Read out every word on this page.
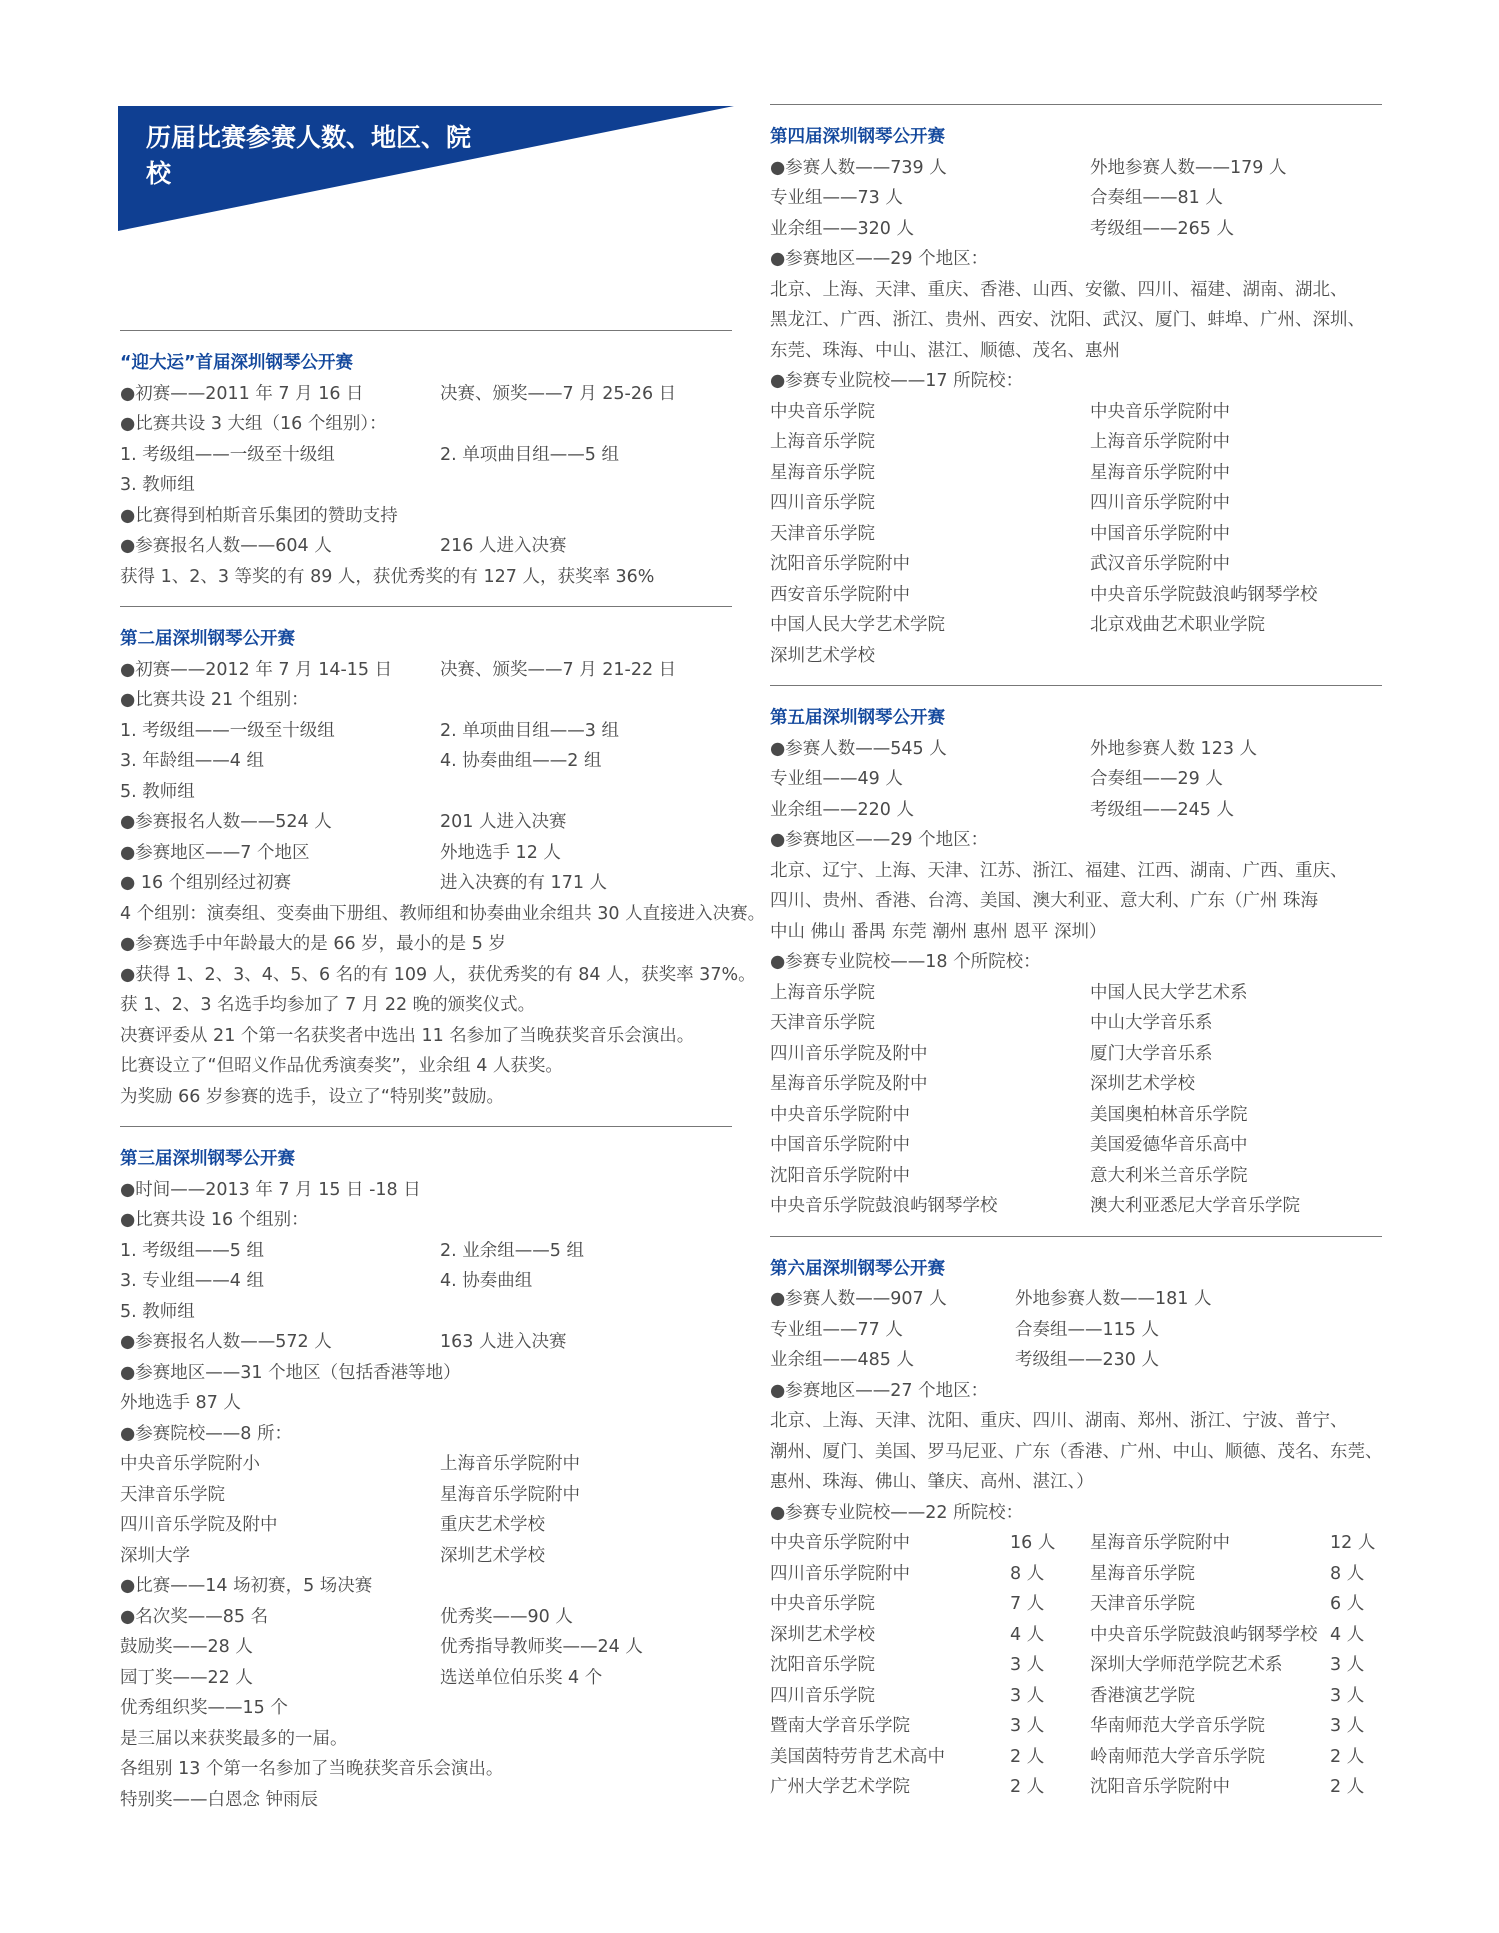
历届比赛参赛人数、地区、院校
“迎大运”首届深圳钢琴公开赛
●初赛——2011 年 7 月 16 日	决赛、颁奖——7 月 25-26 日
●比赛共设 3 大组（16 个组别）：
1. 考级组——一级至十级组	2. 单项曲目组——5 组
3. 教师组
●比赛得到柏斯音乐集团的赞助支持
●参赛报名人数——604 人	216 人进入决赛
获得 1、2、3 等奖的有 89 人，获优秀奖的有 127 人，获奖率 36%
第二届深圳钢琴公开赛
●初赛——2012 年 7 月 14-15 日	决赛、颁奖——7 月 21-22 日
●比赛共设 21 个组别：
1. 考级组——一级至十级组	2. 单项曲目组——3 组
3. 年龄组——4 组	4. 协奏曲组——2 组
5. 教师组
●参赛报名人数——524 人	201 人进入决赛
●参赛地区——7 个地区	外地选手 12 人
● 16 个组别经过初赛	进入决赛的有 171 人
4 个组别：演奏组、变奏曲下册组、教师组和协奏曲业余组共 30 人直接进入决赛。
●参赛选手中年龄最大的是 66 岁，最小的是 5 岁
●获得 1、2、3、4、5、6 名的有 109 人，获优秀奖的有 84 人，获奖率 37%。
获 1、2、3 名选手均参加了 7 月 22 晚的颁奖仪式。
决赛评委从 21 个第一名获奖者中选出 11 名参加了当晚获奖音乐会演出。
比赛设立了“但昭义作品优秀演奏奖”，业余组 4 人获奖。
为奖励 66 岁参赛的选手，设立了“特别奖”鼓励。
第三届深圳钢琴公开赛
●时间——2013 年 7 月 15 日 -18 日
●比赛共设 16 个组别：
1. 考级组——5 组	2. 业余组——5 组
3. 专业组——4 组	4. 协奏曲组
5. 教师组
●参赛报名人数——572 人	163 人进入决赛
●参赛地区——31 个地区（包括香港等地）
外地选手 87 人
●参赛院校——8 所：
中央音乐学院附小	上海音乐学院附中
天津音乐学院	星海音乐学院附中
四川音乐学院及附中	重庆艺术学校
深圳大学	深圳艺术学校
●比赛——14 场初赛，5 场决赛
●名次奖——85 名	优秀奖——90 人
鼓励奖——28 人	优秀指导教师奖——24 人
园丁奖——22 人	选送单位伯乐奖 4 个
优秀组织奖——15 个
是三届以来获奖最多的一届。
各组别 13 个第一名参加了当晚获奖音乐会演出。
特别奖——白恩念 钟雨辰
第四届深圳钢琴公开赛
●参赛人数——739 人	外地参赛人数——179 人
专业组——73 人	合奏组——81 人
业余组——320 人	考级组——265 人
●参赛地区——29 个地区：
北京、上海、天津、重庆、香港、山西、安徽、四川、福建、湖南、湖北、
黑龙江、广西、浙江、贵州、西安、沈阳、武汉、厦门、蚌埠、广州、深圳、
东莞、珠海、中山、湛江、顺德、茂名、惠州
●参赛专业院校——17 所院校：
中央音乐学院	中央音乐学院附中
上海音乐学院	上海音乐学院附中
星海音乐学院	星海音乐学院附中
四川音乐学院	四川音乐学院附中
天津音乐学院	中国音乐学院附中
沈阳音乐学院附中	武汉音乐学院附中
西安音乐学院附中	中央音乐学院鼓浪屿钢琴学校
中国人民大学艺术学院	北京戏曲艺术职业学院
深圳艺术学校
第五届深圳钢琴公开赛
●参赛人数——545 人	外地参赛人数 123 人
专业组——49 人	合奏组——29 人
业余组——220 人	考级组——245 人
●参赛地区——29 个地区：
北京、辽宁、上海、天津、江苏、浙江、福建、江西、湖南、广西、重庆、
四川、贵州、香港、台湾、美国、澳大利亚、意大利、广东（广州 珠海
中山 佛山 番禺 东莞 潮州 惠州 恩平 深圳）
●参赛专业院校——18 个所院校：
上海音乐学院	中国人民大学艺术系
天津音乐学院	中山大学音乐系
四川音乐学院及附中	厦门大学音乐系
星海音乐学院及附中	深圳艺术学校
中央音乐学院附中	美国奥柏林音乐学院
中国音乐学院附中	美国爱德华音乐高中
沈阳音乐学院附中	意大利米兰音乐学院
中央音乐学院鼓浪屿钢琴学校	澳大利亚悉尼大学音乐学院
第六届深圳钢琴公开赛
●参赛人数——907 人	外地参赛人数——181 人
专业组——77 人	合奏组——115 人
业余组——485 人	考级组——230 人
●参赛地区——27 个地区：
北京、上海、天津、沈阳、重庆、四川、湖南、郑州、浙江、宁波、普宁、
潮州、厦门、美国、罗马尼亚、广东（香港、广州、中山、顺德、茂名、东莞、
惠州、珠海、佛山、肇庆、高州、湛江、）
●参赛专业院校——22 所院校：
中央音乐学院附中	16 人	星海音乐学院附中	12 人
四川音乐学院附中	8 人	星海音乐学院	8 人
中央音乐学院	7 人	天津音乐学院	6 人
深圳艺术学校	4 人	中央音乐学院鼓浪屿钢琴学校 4 人
沈阳音乐学院	3 人	深圳大学师范学院艺术系	3 人
四川音乐学院	3 人	香港演艺学院	3 人
暨南大学音乐学院	3 人	华南师范大学音乐学院	3 人
美国茵特劳肯艺术高中	2 人	岭南师范大学音乐学院	2 人
广州大学艺术学院	2 人	沈阳音乐学院附中	2 人
